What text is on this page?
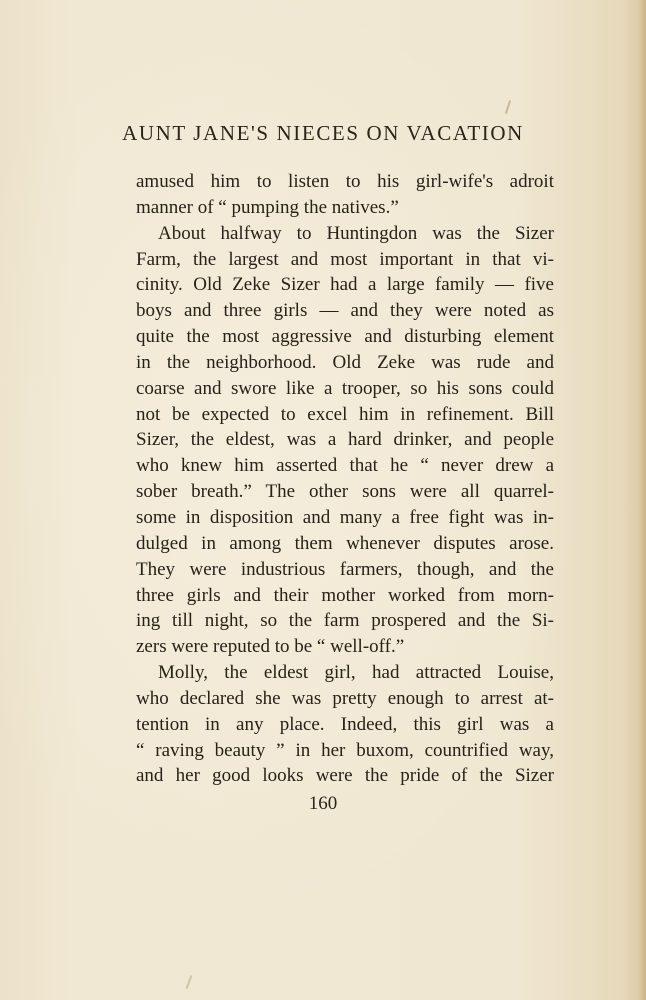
AUNT JANE'S NIECES ON VACATION
amused him to listen to his girl-wife's adroit
manner of “ pumping the natives.”
About halfway to Huntingdon was the Sizer
Farm, the largest and most important in that vi-
cinity. Old Zeke Sizer had a large family — five
boys and three girls — and they were noted as
quite the most aggressive and disturbing element
in the neighborhood. Old Zeke was rude and
coarse and swore like a trooper, so his sons could
not be expected to excel him in refinement. Bill
Sizer, the eldest, was a hard drinker, and people
who knew him asserted that he “ never drew a
sober breath.” The other sons were all quarrel-
some in disposition and many a free fight was in-
dulged in among them whenever disputes arose.
They were industrious farmers, though, and the
three girls and their mother worked from morn-
ing till night, so the farm prospered and the Si-
zers were reputed to be “ well-off.”
Molly, the eldest girl, had attracted Louise,
who declared she was pretty enough to arrest at-
tention in any place. Indeed, this girl was a
“ raving beauty ” in her buxom, countrified way,
and her good looks were the pride of the Sizer
160
